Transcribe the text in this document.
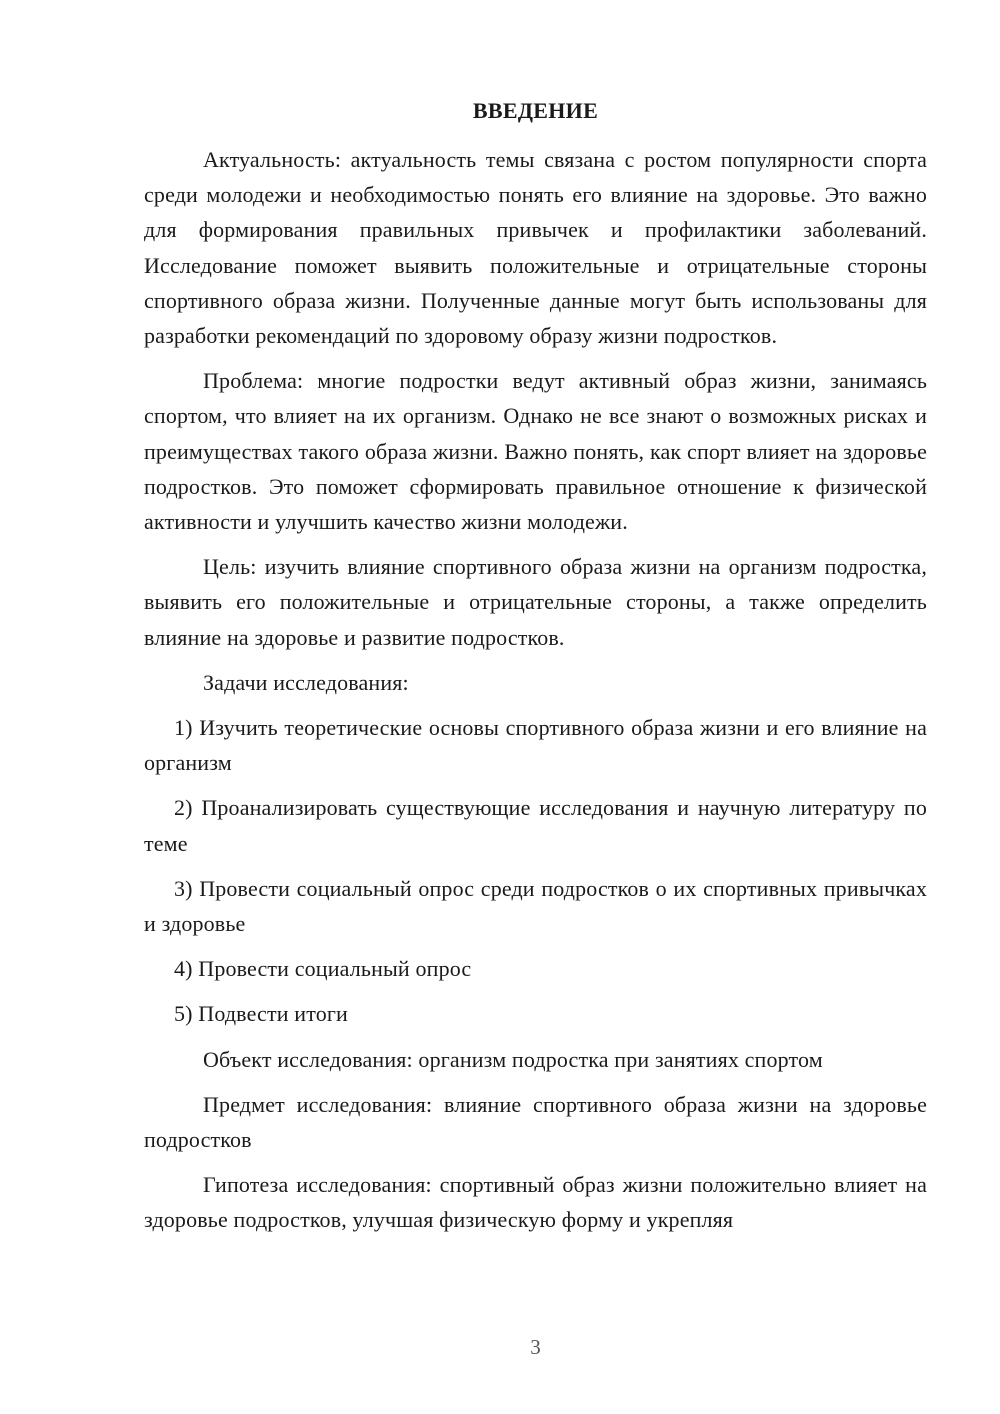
ВВЕДЕНИЕ

Актуальность: актуальность темы связана с ростом популярности спорта среди молодежи и необходимостью понять его влияние на здоровье. Это важно для формирования правильных привычек и профилактики заболеваний. Исследование поможет выявить положительные и отрицательные стороны спортивного образа жизни. Полученные данные могут быть использованы для разработки рекомендаций по здоровому образу жизни подростков.

Проблема: многие подростки ведут активный образ жизни, занимаясь спортом, что влияет на их организм. Однако не все знают о возможных рисках и преимуществах такого образа жизни. Важно понять, как спорт влияет на здоровье подростков. Это поможет сформировать правильное отношение к физической активности и улучшить качество жизни молодежи.

Цель: изучить влияние спортивного образа жизни на организм подростка, выявить его положительные и отрицательные стороны, а также определить влияние на здоровье и развитие подростков.

Задачи исследования:

1) Изучить теоретические основы спортивного образа жизни и его влияние на организм

2) Проанализировать существующие исследования и научную литературу по теме

3) Провести социальный опрос среди подростков о их спортивных привычках и здоровье

4) Провести социальный опрос

5) Подвести итоги

Объект исследования: организм подростка при занятиях спортом

Предмет исследования: влияние спортивного образа жизни на здоровье подростков

Гипотеза исследования: спортивный образ жизни положительно влияет на здоровье подростков, улучшая физическую форму и укрепляя

3
